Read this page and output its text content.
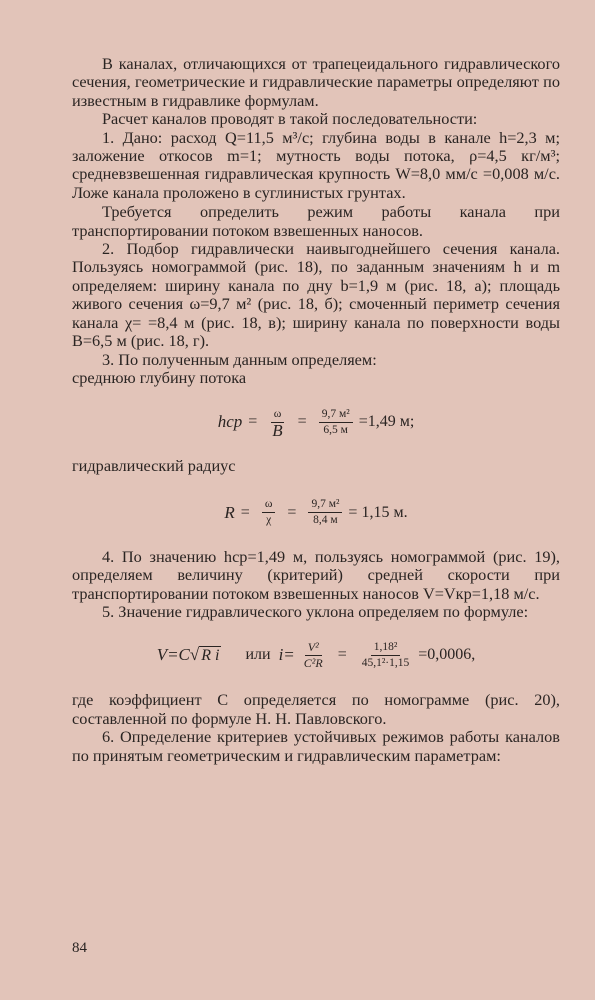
В каналах, отличающихся от трапецеидального гидравлического сечения, геометрические и гидравлические параметры определяют по известным в гидравлике формулам.

Расчет каналов проводят в такой последовательности:

1. Дано: расход Q=11,5 м³/с; глубина воды в канале h=2,3 м; заложение откосов m=1; мутность воды потока, ρ=4,5 кг/м³; средневзвешенная гидравлическая крупность W=8,0 мм/с =0,008 м/с. Ложе канала проложено в суглинистых грунтах.

Требуется определить режим работы канала при транспортировании потоком взвешенных наносов.

2. Подбор гидравлически наивыгоднейшего сечения канала. Пользуясь номограммой (рис. 18), по заданным значениям h и m определяем: ширину канала по дну b=1,9 м (рис. 18, а); площадь живого сечения ω=9,7 м² (рис. 18, б); смоченный периметр сечения канала χ= =8,4 м (рис. 18, в); ширину канала по поверхности воды B=6,5 м (рис. 18, г).

3. По полученным данным определяем:

среднюю глубину потока

hср = $\frac{\omega}{B} = \frac{\text{9,7 м²}}{6,5 м} =1,49$ м;

гидравлический радиус

$R = \frac{\omega}{\chi} = \frac{\text{9,7 м²}}{8,4 м} = 1,15$ м.

4. По значению hср=1,49 м, пользуясь номограммой (рис. 19), определяем величину (критерий) средней скорости при транспортировании потоком взвешенных наносов V=Vкр=1,18 м/с.

5. Значение гидравлического уклона определяем по формуле:

V=C √ R i или $i= \frac{\text{V²}}{\text{C²R}} = \frac{\text{1,18²}}{\text{45,1²·1,15}} =0,0006$,

где коэффициент C определяется по номограмме (рис. 20), составленной по формуле Н. Н. Павловского.

6. Определение критериев устойчивых режимов работы каналов по принятым геометрическим и гидравлическим параметрам:

84
